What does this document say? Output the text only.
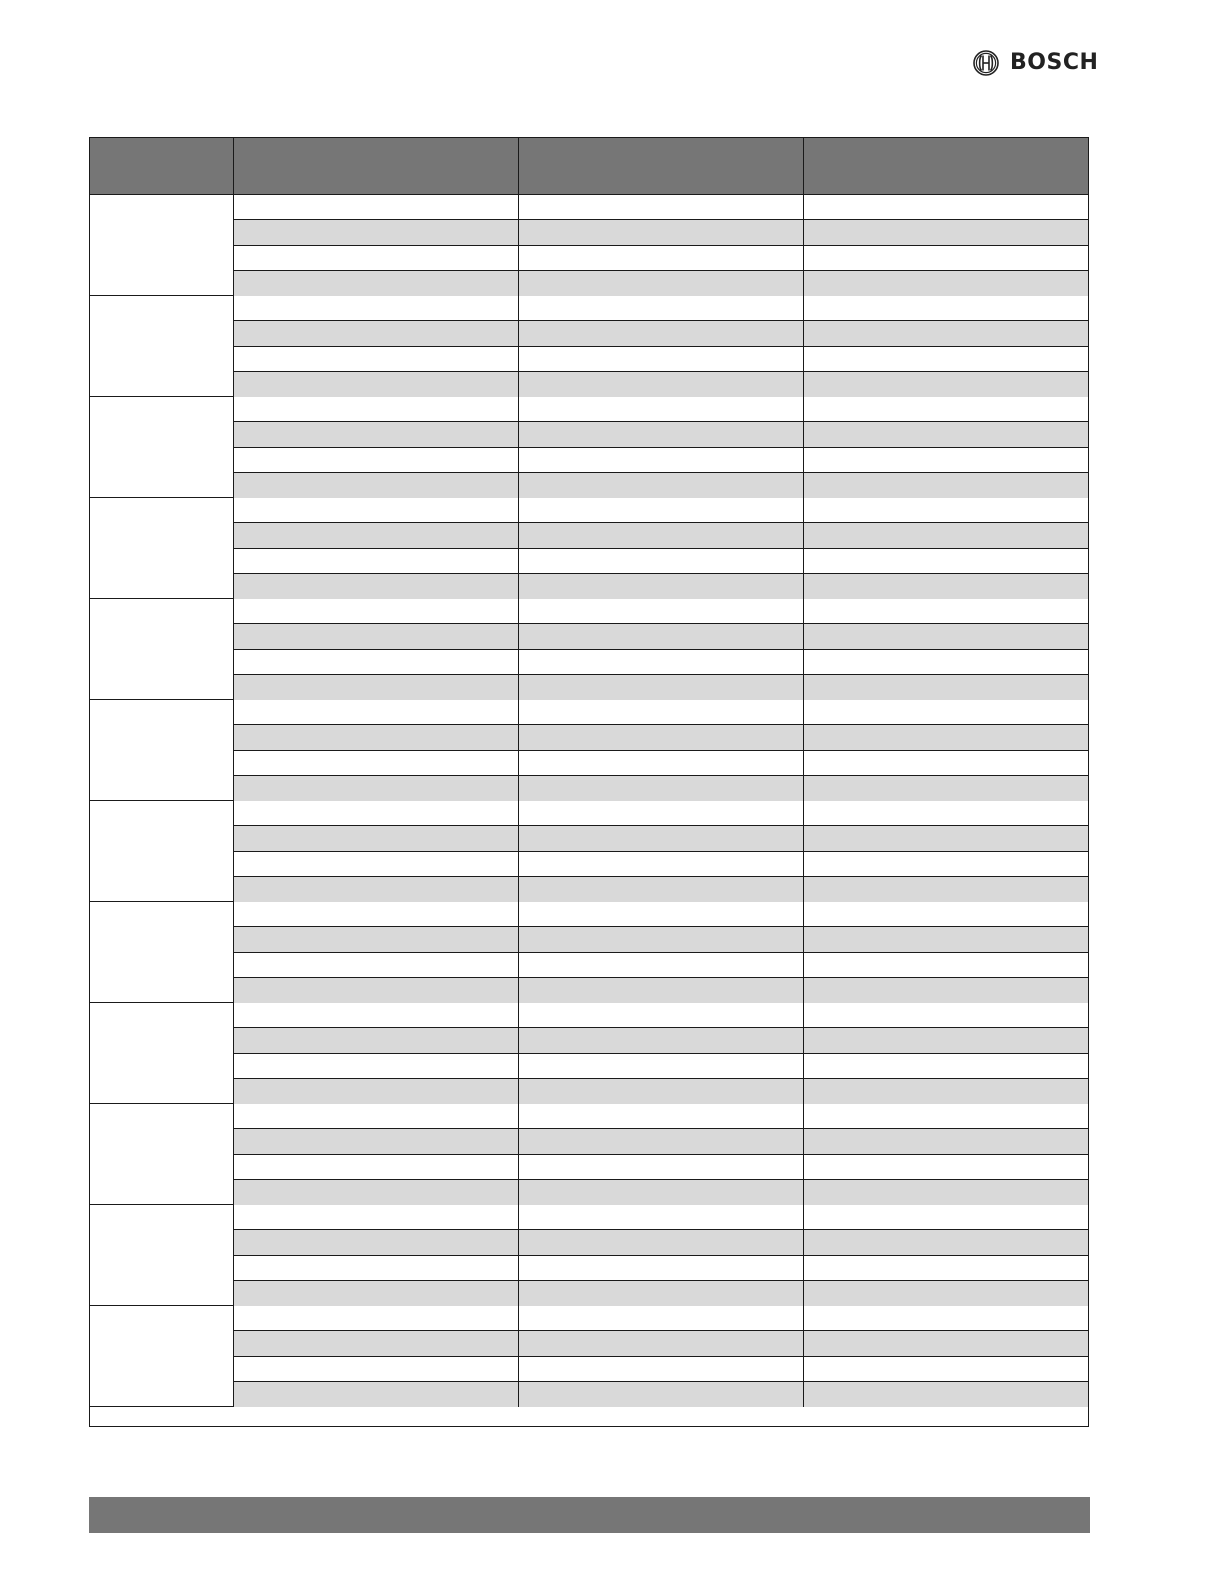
BOSCH
